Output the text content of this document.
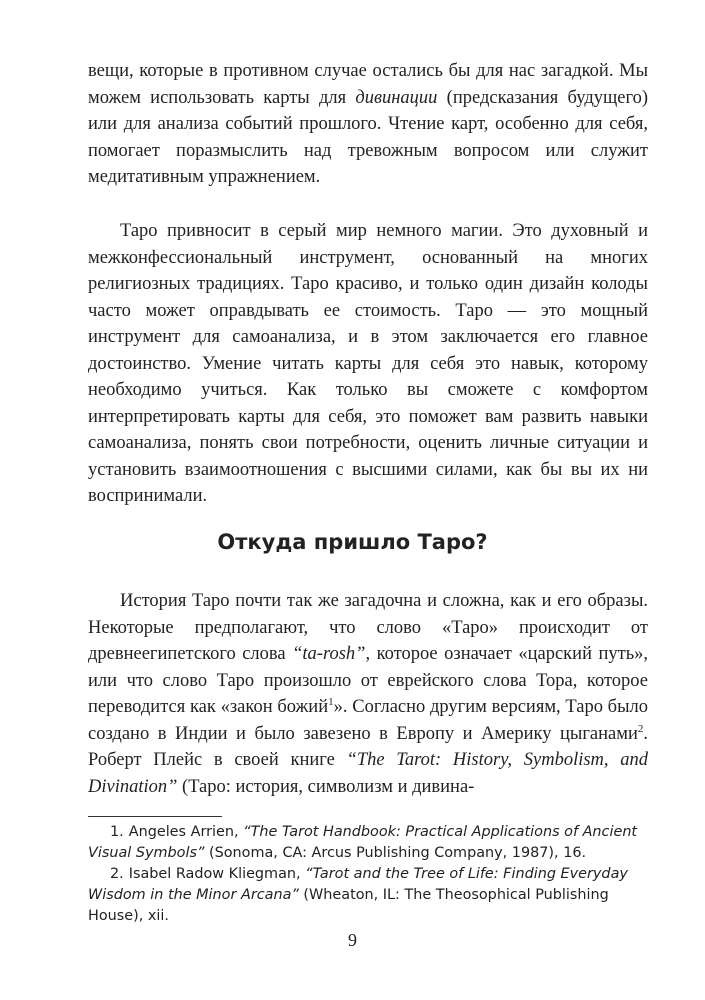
вещи, которые в противном случае остались бы для нас загадкой. Мы можем использовать карты для дивинации (предсказания будущего) или для анализа событий прошлого. Чтение карт, особенно для себя, помогает поразмыслить над тревожным вопросом или служит медитативным упражнением.

Таро привносит в серый мир немного магии. Это духовный и межконфессиональный инструмент, основанный на многих религиозных традициях. Таро красиво, и только один дизайн колоды часто может оправдывать ее стоимость. Таро — это мощный инструмент для самоанализа, и в этом заключается его главное достоинство. Умение читать карты для себя это навык, которому необходимо учиться. Как только вы сможете с комфортом интерпретировать карты для себя, это поможет вам развить навыки самоанализа, понять свои потребности, оценить личные ситуации и установить взаимоотношения с высшими силами, как бы вы их ни воспринимали.

Откуда пришло Таро?

История Таро почти так же загадочна и сложна, как и его образы. Некоторые предполагают, что слово «Таро» происходит от древнеегипетского слова “ta-rosh”, которое означает «царский путь», или что слово Таро произошло от еврейского слова Тора, которое переводится как «закон божий$^1$». Согласно другим версиям, Таро было создано в Индии и было завезено в Европу и Америку цыганами$^2$. Роберт Плейс в своей книге “The Tarot: History, Symbolism, and Divination” (Таро: история, символизм и дивина-

1. Angeles Arrien, “The Tarot Handbook: Practical Applications of Ancient Visual Symbols” (Sonoma, CA: Arcus Publishing Company, 1987), 16.

2. Isabel Radow Kliegman, “Tarot and the Tree of Life: Finding Everyday Wisdom in the Minor Arcana” (Wheaton, IL: The Theosophical Publishing House), xii.

9
